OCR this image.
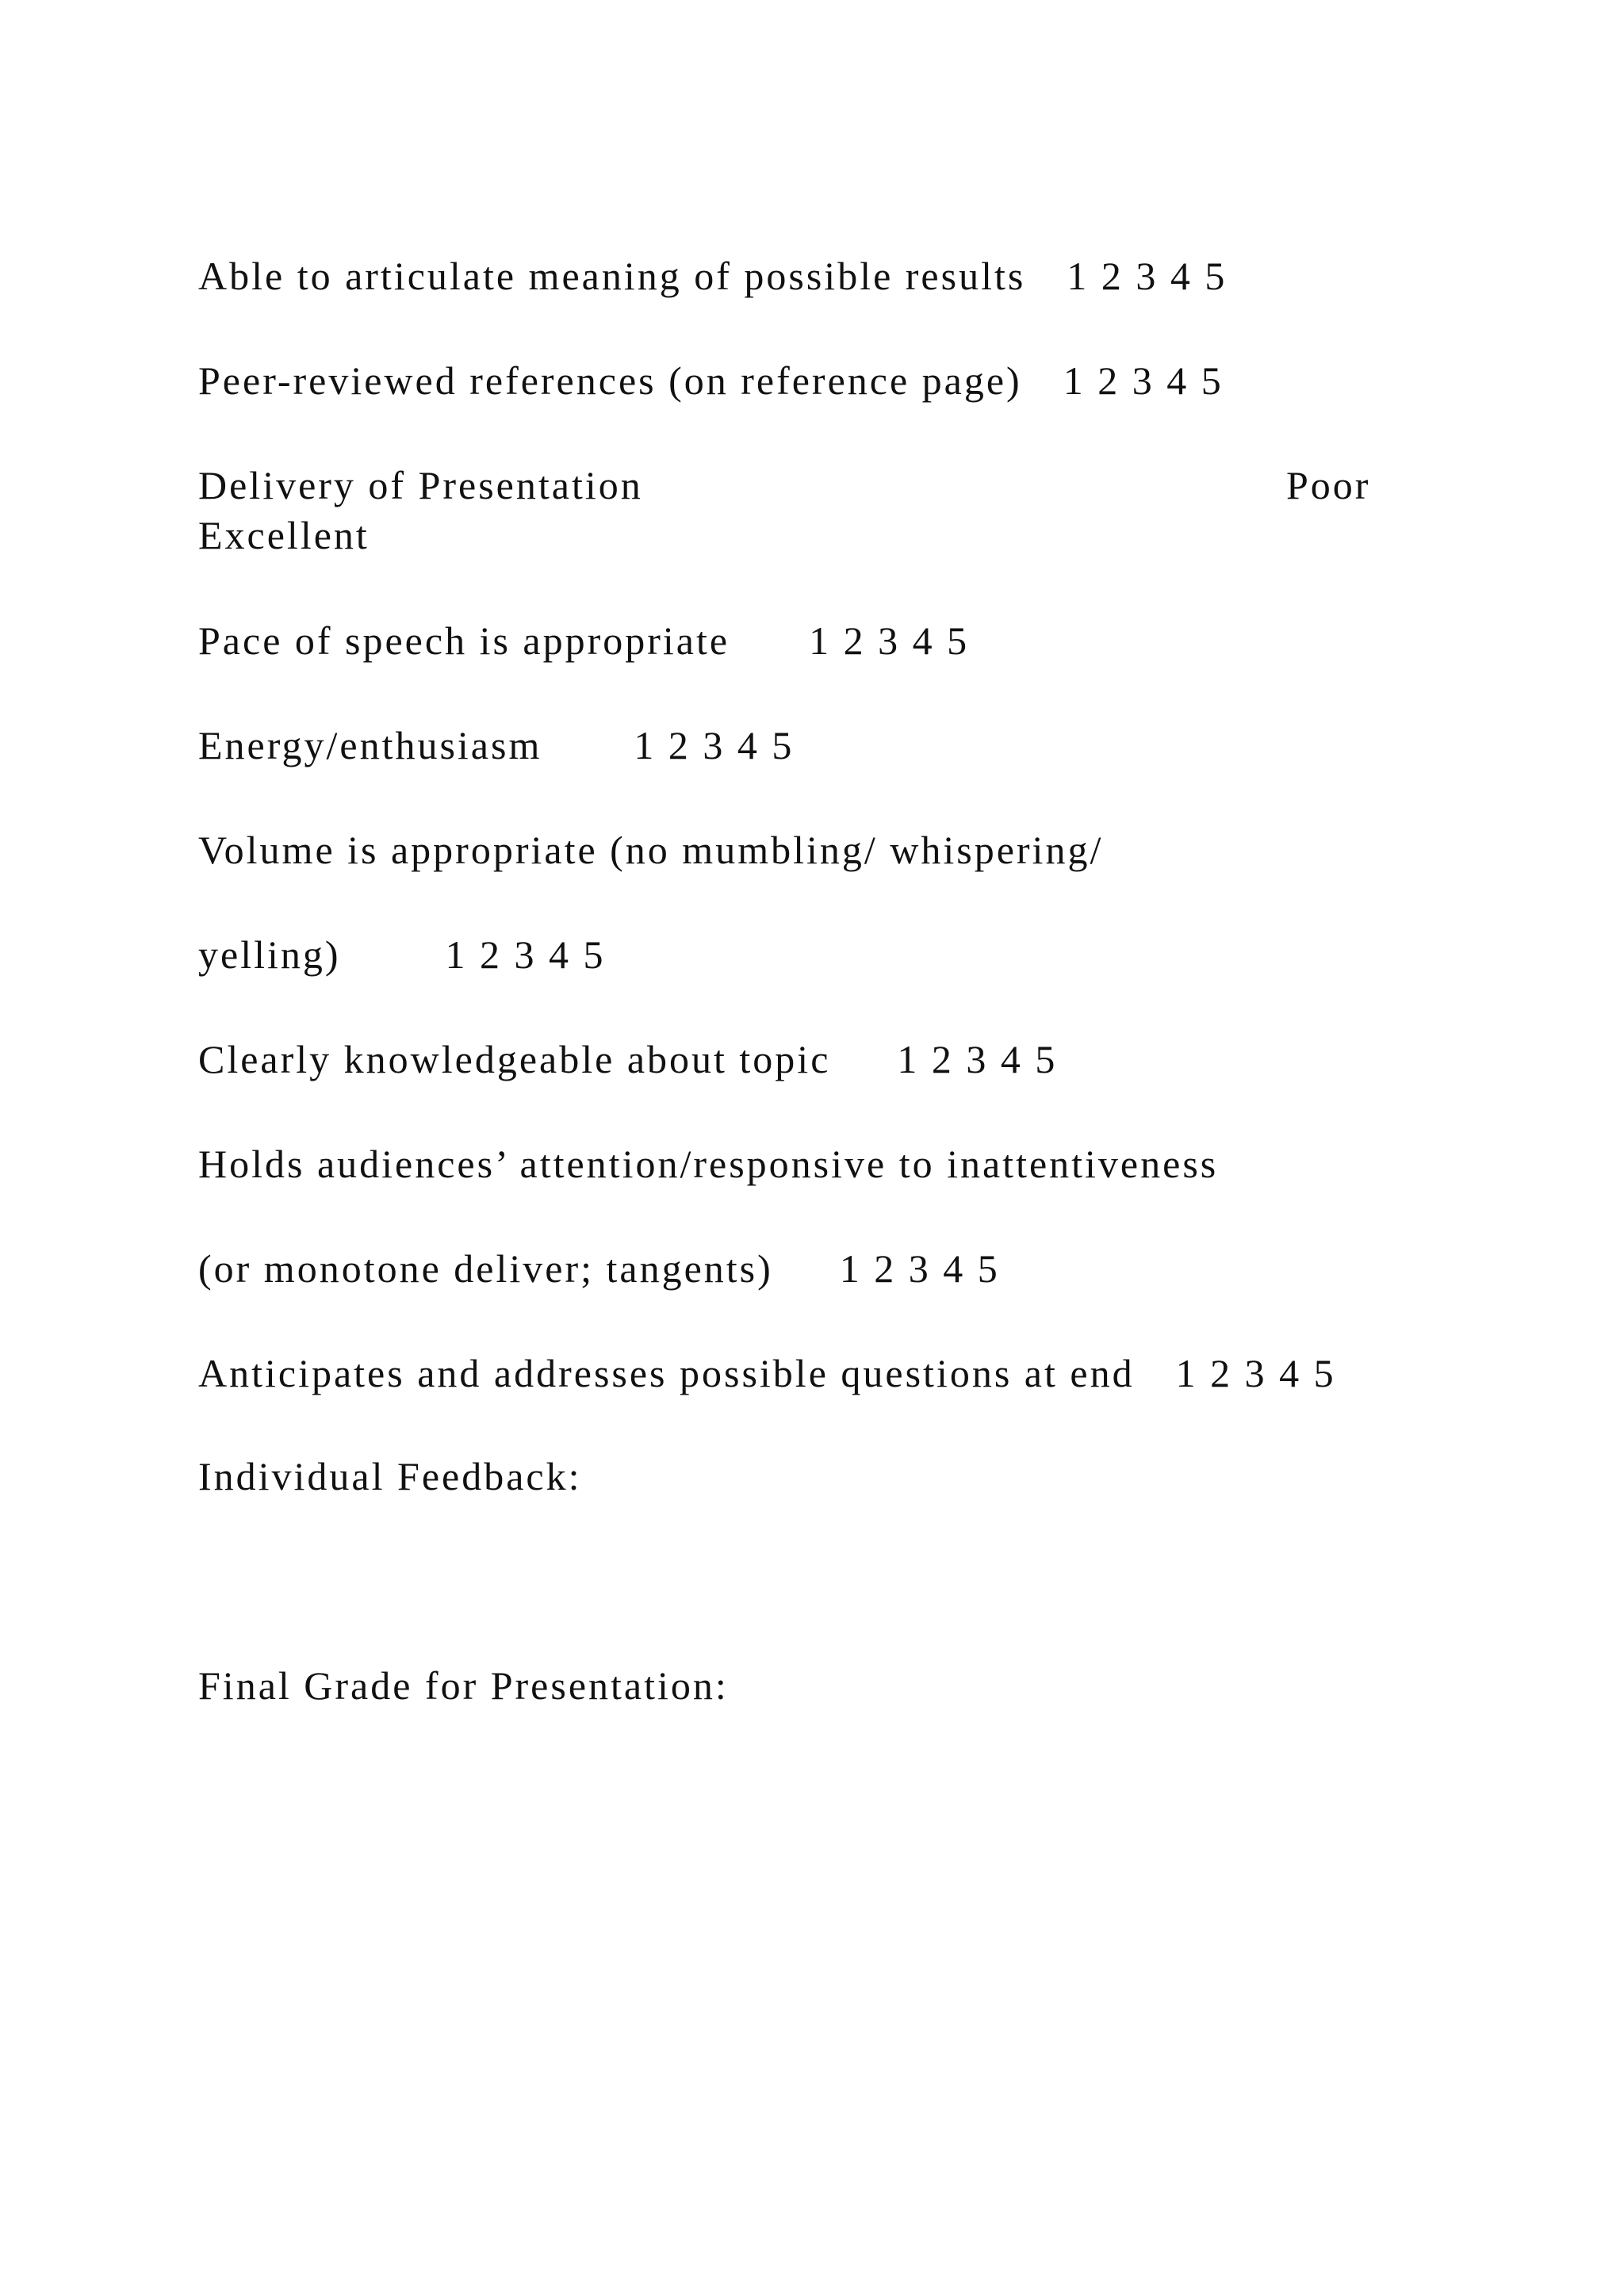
Able to articulate meaning of possible results 1 2 3 4 5
Peer-reviewed references (on reference page) 1 2 3 4 5
Delivery of Presentation	Poor
Excellent
Pace of speech is appropriate 1 2 3 4 5
Energy/enthusiasm 1 2 3 4 5
Volume is appropriate (no mumbling/ whispering/
yelling)	1 2 3 4 5
Clearly knowledgeable about topic 1 2 3 4 5
Holds audiences’ attention/responsive to inattentiveness
(or monotone deliver; tangents) 1 2 3 4 5
Anticipates and addresses possible questions at end 1 2 3 4 5
Individual Feedback:
Final Grade for Presentation:
